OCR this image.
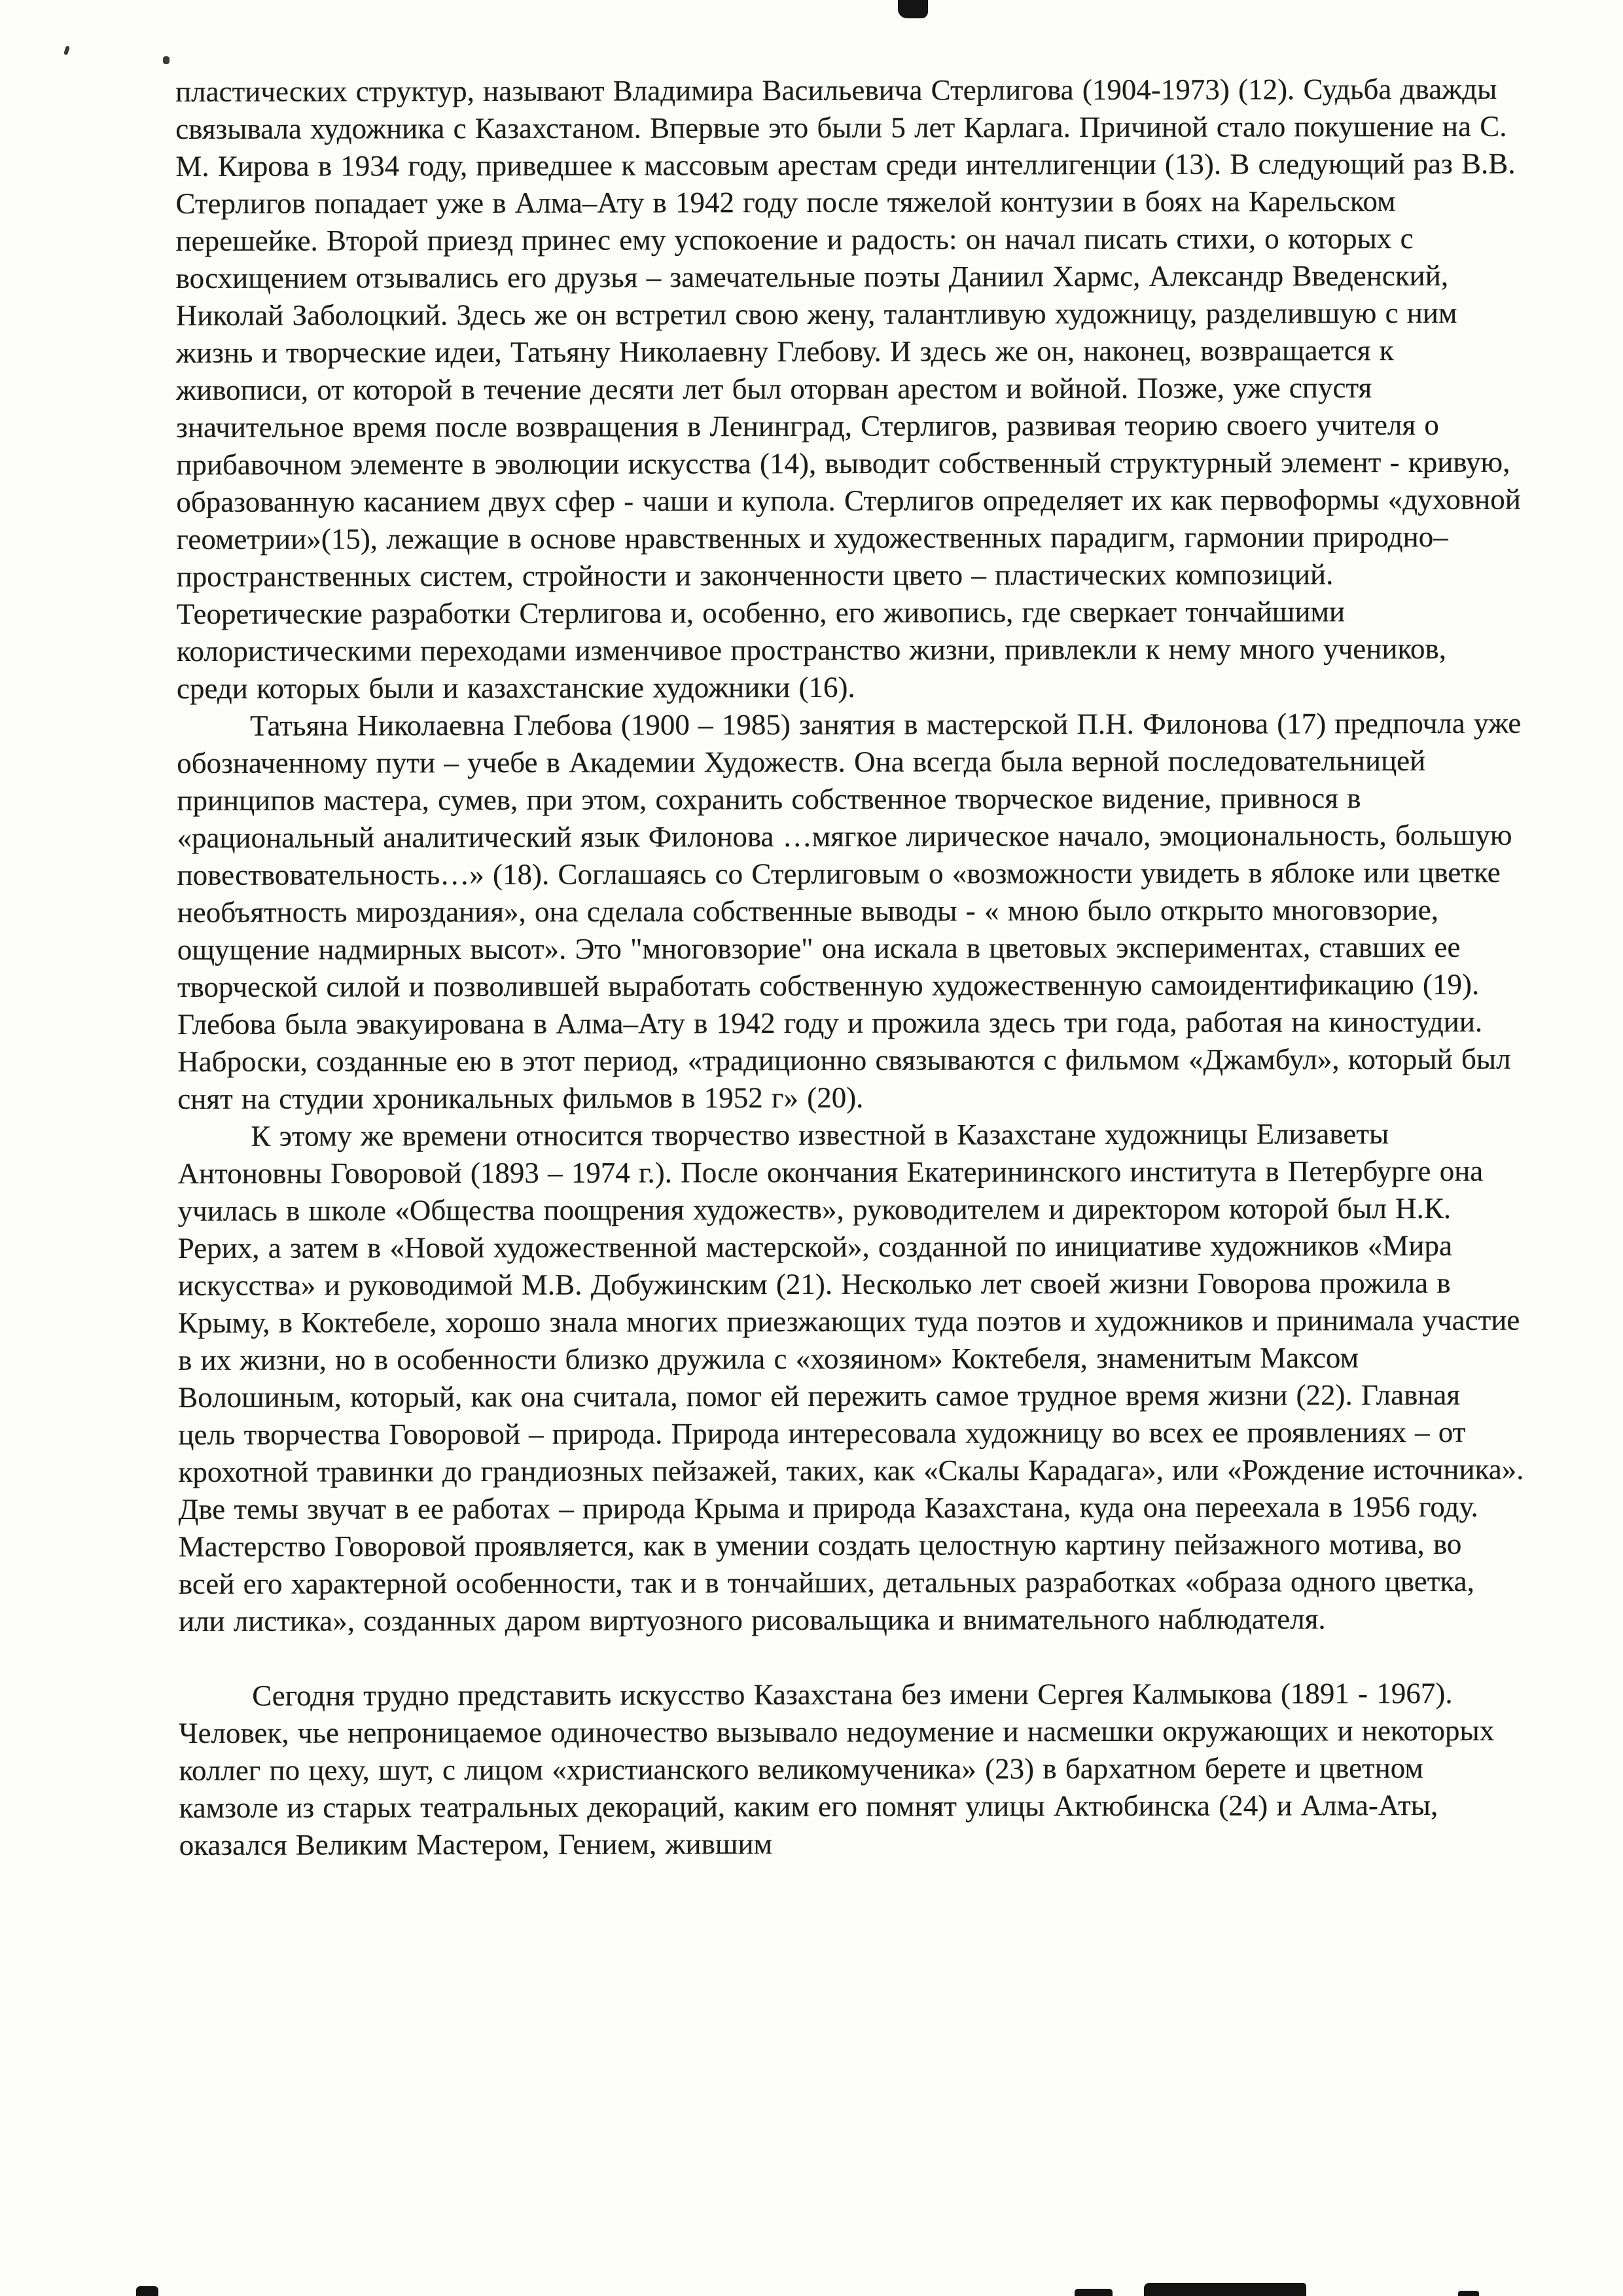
пластических структур, называют Владимира Васильевича Стерлигова (1904-1973) (12). Судьба дважды связывала художника с Казахстаном. Впервые это были 5 лет Карлага. Причиной стало покушение на С. М. Кирова в 1934 году, приведшее к массовым арестам среди интеллигенции (13). В следующий раз В.В. Стерлигов попадает уже в Алма–Ату в 1942 году после тяжелой контузии в боях на Карельском перешейке. Второй приезд принес ему успокоение и радость: он начал писать стихи, о которых с восхищением отзывались его друзья – замечательные поэты Даниил Хармс, Александр Введенский, Николай Заболоцкий. Здесь же он встретил свою жену, талантливую художницу, разделившую с ним жизнь и творческие идеи, Татьяну Николаевну Глебову. И здесь же он, наконец, возвращается к живописи, от которой в течение десяти лет был оторван арестом и войной. Позже, уже спустя значительное время после возвращения в Ленинград, Стерлигов, развивая теорию своего учителя о прибавочном элементе в эволюции искусства (14), выводит собственный структурный элемент - кривую, образованную касанием двух сфер - чаши и купола. Стерлигов определяет их как первоформы «духовной геометрии»(15), лежащие в основе нравственных и художественных парадигм, гармонии природно–пространственных систем, стройности и законченности цвето – пластических композиций. Теоретические разработки Стерлигова и, особенно, его живопись, где сверкает тончайшими колористическими переходами изменчивое пространство жизни, привлекли к нему много учеников, среди которых были и казахстанские художники (16).

Татьяна Николаевна Глебова (1900 – 1985) занятия в мастерской П.Н. Филонова (17) предпочла уже обозначенному пути – учебе в Академии Художеств. Она всегда была верной последовательницей принципов мастера, сумев, при этом, сохранить собственное творческое видение, привнося в «рациональный аналитический язык Филонова …мягкое лирическое начало, эмоциональность, большую повествовательность…» (18). Соглашаясь со Стерлиговым о «возможности увидеть в яблоке или цветке необъятность мироздания», она сделала собственные выводы - « мною было открыто многовзорие, ощущение надмирных высот». Это "многовзорие" она искала в цветовых экспериментах, ставших ее творческой силой и позволившей выработать собственную художественную самоидентификацию (19). Глебова была эвакуирована в Алма–Ату в 1942 году и прожила здесь три года, работая на киностудии. Наброски, созданные ею в этот период, «традиционно связываются с фильмом «Джамбул», который был снят на студии хроникальных фильмов в 1952 г» (20).

К этому же времени относится творчество известной в Казахстане художницы Елизаветы Антоновны Говоровой (1893 – 1974 г.). После окончания Екатерининского института в Петербурге она училась в школе «Общества поощрения художеств», руководителем и директором которой был Н.К. Рерих, а затем в «Новой художественной мастерской», созданной по инициативе художников «Мира искусства» и руководимой М.В. Добужинским (21). Несколько лет своей жизни Говорова прожила в Крыму, в Коктебеле, хорошо знала многих приезжающих туда поэтов и художников и принимала участие в их жизни, но в особенности близко дружила с «хозяином» Коктебеля, знаменитым Максом Волошиным, который, как она считала, помог ей пережить самое трудное время жизни (22). Главная цель творчества Говоровой – природа. Природа интересовала художницу во всех ее проявлениях – от крохотной травинки до грандиозных пейзажей, таких, как «Скалы Карадага», или «Рождение источника». Две темы звучат в ее работах – природа Крыма и природа Казахстана, куда она переехала в 1956 году. Мастерство Говоровой проявляется, как в умении создать целостную картину пейзажного мотива, во всей его характерной особенности, так и в тончайших, детальных разработках «образа одного цветка, или листика», созданных даром виртуозного рисовальщика и внимательного наблюдателя.

Сегодня трудно представить искусство Казахстана без имени Сергея Калмыкова (1891 - 1967). Человек, чье непроницаемое одиночество вызывало недоумение и насмешки окружающих и некоторых коллег по цеху, шут, с лицом «христианского великомученика» (23) в бархатном берете и цветном камзоле из старых театральных декораций, каким его помнят улицы Актюбинска (24) и Алма-Аты, оказался Великим Мастером, Гением, жившим
